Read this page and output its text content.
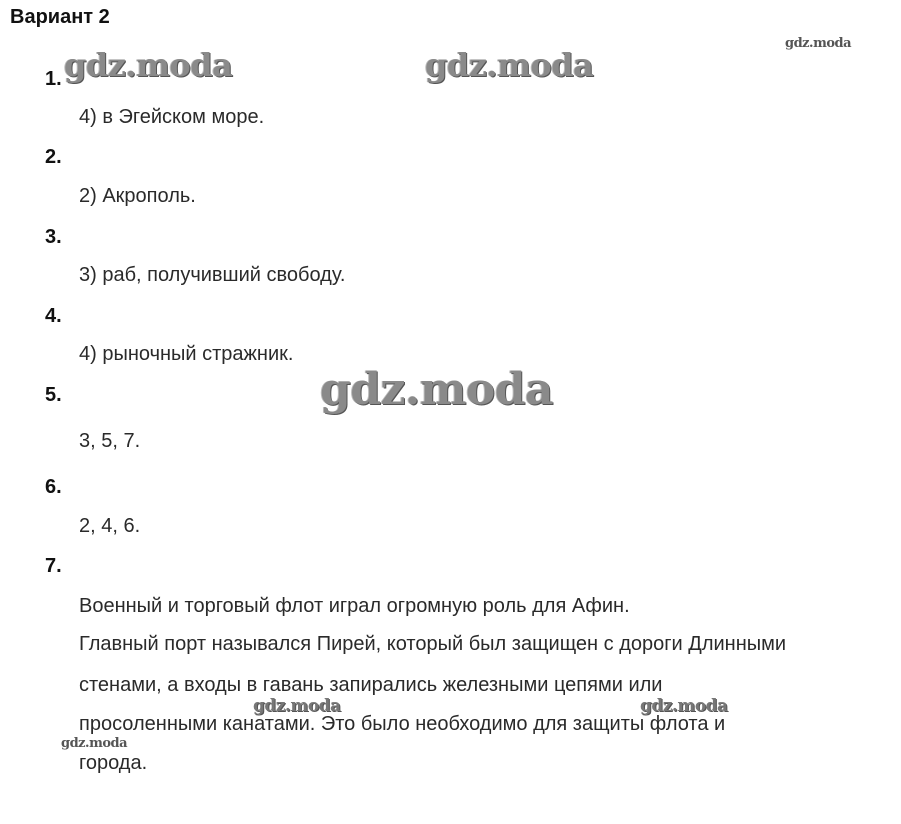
Вариант 2
1.
4) в Эгейском море.
2.
2) Акрополь.
3.
3) раб, получивший свободу.
4.
4) рыночный стражник.
5.
3, 5, 7.
6.
2, 4, 6.
7.
Военный и торговый флот играл огромную роль для Афин.
Главный порт назывался Пирей, который был защищен с дороги Длинными
стенами, а входы в гавань запирались железными цепями или
просоленными канатами. Это было необходимо для защиты флота и
города.
gdz.moda	gdz.moda
gdz.moda
gdz.moda
gdz.moda	gdz.moda
gdz.moda
